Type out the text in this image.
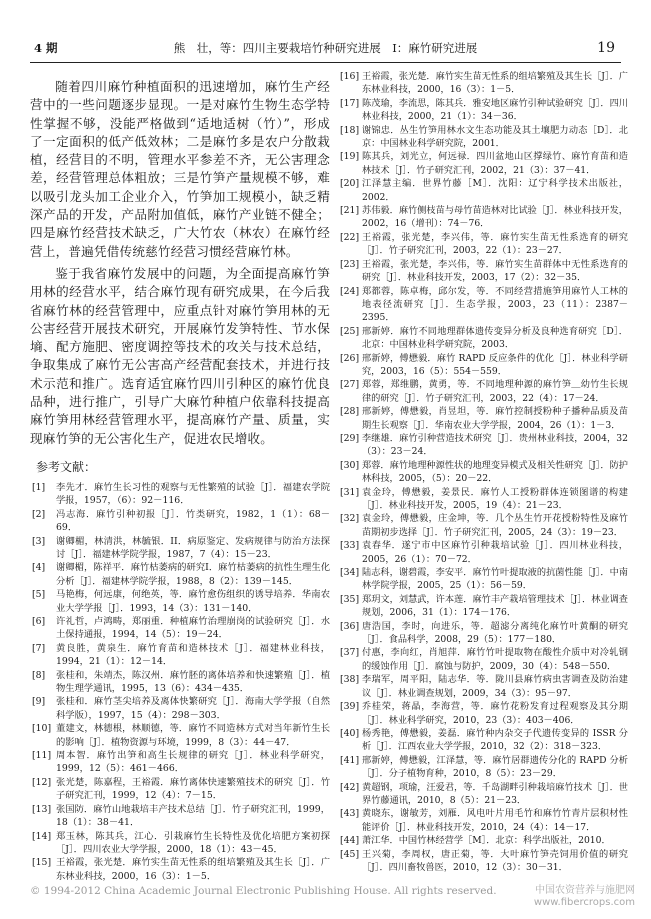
4 期	熊　壮，等：四川主要栽培竹种研究进展　Ⅰ：麻竹研究进展	19

随着四川麻竹种植面积的迅速增加，麻竹生产经营中的一些问题逐步显现。一是对麻竹生物生态学特性掌握不够，没能严格做到“适地适树（竹）”，形成了一定面积的低产低效林；二是麻竹多是农户分散栽植，经营目的不明，管理水平参差不齐，无公害理念差，经营管理总体粗放；三是竹笋产量规模不够，难以吸引龙头加工企业介入，竹笋加工规模小，缺乏精深产品的开发，产品附加值低，麻竹产业链不健全；四是麻竹经营技术缺乏，广大竹农（林农）在麻竹经营上，普遍凭借传统慈竹经营习惯经营麻竹林。

鉴于我省麻竹发展中的问题，为全面提高麻竹笋用林的经营水平，结合麻竹现有研究成果，在今后我省麻竹林的经营管理中，应重点针对麻竹笋用林的无公害经营开展技术研究，开展麻竹发笋特性、节水保墒、配方施肥、密度调控等技术的攻关与技术总结，争取集成了麻竹无公害高产经营配套技术，并进行技术示范和推广。选育适宜麻竹四川引种区的麻竹优良品种，进行推广，引导广大麻竹种植户依靠科技提高麻竹笋用林经营管理水平，提高麻竹产量、质量，实现麻竹笋的无公害化生产，促进农民增收。

参考文献：
[1]	李先才．麻竹生长习性的观察与无性繁殖的试验［J］．福建农学院学报，1957，（6）：92－116．
[2]	冯志海．麻竹引种初报［J］．竹类研究，1982，1（1）：68－69．
[3]	谢卿楣，林清洪，林毓银．II．病原鉴定、发病规律与防治方法探讨［J］．福建林学院学报，1987，7（4）：15－23．
[4]	谢卿楣，陈祥平．麻竹枯萎病的研究Ⅰ．麻竹枯萎病的抗性生理生化分析［J］．福建林学院学报，1988，8（2）：139－145．
[5]	马艳梅，何远康，何绝英，等．麻竹愈伤组织的诱导培养．华南农业大学学报［J］．1993，14（3）：131－140．
[6]	许礼哲，卢鸿畴，郑丽重．种植麻竹治理崩岗的试验研究［J］．水土保持通报，1994，14（5）：19－24．
[7]	黄良胜，黄泉生．麻竹育苗和造林技术［J］．福建林业科技，1994，21（1）：12－14．
[8]	张桂和，朱靖杰，陈汉州．麻竹胚的离体培养和快速繁殖［J］．植物生理学通讯，1995，13（6）：434－435．
[9]	张桂和．麻竹茎尖培养及离体快繁研究［J］．海南大学学报（自然科学版），1997，15（4）：298－303．
[10] 董建文，林德根，林顺德，等．麻竹不同造林方式对当年新竹生长的影响［J］．植物资源与环境，1999，8（3）：44－47．
[11] 周本智．麻竹出笋和高生长规律的研究［J］．林业科学研究，1999，12（5）：461－466．
[12] 张光楚，陈嘉程，王裕霞．麻竹离体快速繁殖技术的研究［J］．竹子研究汇刊，1999，12（4）：7－15．
[13] 张国防．麻竹山地栽培丰产技术总结［J］．竹子研究汇刊，1999，18（1）：38－41．
[14] 郑玉林，陈其兵，江心．引栽麻竹生长特性及优化培肥方案初探［J］．四川农业大学学报，2000，18（1）：43－45．
[15] 王裕霞，张光楚．麻竹实生苗无性系的组培繁殖及其生长［J］．广东林业科技，2000，16（3）：1－5．
[16] 王裕霞，张光楚．麻竹实生苗无性系的组培繁殖及其生长［J］．广东林业科技，2000，16（3）：1－5．
[17] 陈茂瑜，李流思，陈其兵．雅安地区麻竹引种试验研究［J］．四川林业科技，2000，21（1）：34－36．
[18] 谢锦忠．丛生竹笋用林水文生态功能及其土壤肥力动态［D］．北京：中国林业科学研究院，2001．
[19] 陈其兵，刘光立，何远禄．四川盆地山区撑绿竹、麻竹育苗和造林技术［J］．竹子研究汇刊，2002，21（3）：37－41．
[20] 江泽慧主编．世界竹藤［M］．沈阳：辽宁科学技术出版社，2002．
[21] 苏伟毅．麻竹侧枝苗与母竹苗造林对比试验［J］．林业科技开发，2002，16（增刊）：74－76．
[22] 王裕霞，张光楚，李兴伟，等．麻竹实生苗无性系选育的研究［J］．竹子研究汇刊，2003，22（1）：23－27．
[23] 王裕霞，张光楚，李兴伟，等．麻竹实生苗群体中无性系选育的研究［J］．林业科技开发，2003，17（2）：32－35．
[24] 郑都蓉，陈卓梅，邱尔发，等．不同经营措施笋用麻竹人工林的地表径流研究［J］．生态学报，2003，23（11）：2387－2395．
[25] 邢新婷．麻竹不同地理群体遗传变异分析及良种选育研究［D］．北京：中国林业科学研究院，2003．
[26] 邢新婷，傅懋毅．麻竹 RAPD 反应条件的优化［J］．林业科学研究，2003，16（5）：554－559．
[27] 郑蓉，郑维鹏，黄勇，等．不同地理种源的麻竹笋＿幼竹生长规律的研究［J］．竹子研究汇刊，2003，22（4）：17－24．
[28] 邢新婷，傅懋毅，肖昱坦，等．麻竹控制授粉种子播种品质及苗期生长观察［J］．华南农业大学学报，2004，26（1）：1－3．
[29] 李继雄．麻竹引种营造技术研究［J］．贵州林业科技，2004，32（3）：23－24．
[30] 郑蓉．麻竹地理种源性状的地理变异模式及相关性研究［J］．防护林科技，2005，（5）：20－22．
[31] 袁金玲，傅懋毅，姜景民．麻竹人工授粉群体连锁图谱的构建［J］．林业科技开发，2005，19（4）：21－23．
[32] 袁金玲，傅懋毅，庄金坤，等．几个丛生竹开花授粉特性及麻竹苗期初步选择［J］．竹子研究汇刊，2005，24（3）：19－23．
[33] 袁春华．遂宁市中区麻竹引种栽培试验［J］．四川林业科技，2005，26（1）：70－72．
[34] 陆志科，谢碧霞，李安平．麻竹竹叶提取液的抗菌性能［J］．中南林学院学报，2005，25（1）：56－59．
[35] 郑玥文，刘慧武，许本莲．麻竹丰产栽培管理技术［J］．林业调查规划，2006，31（1）：174－176．
[36] 唐浩国，李时，向进乐，等．超滤分离纯化麻竹叶黄酮的研究［J］．食品科学，2008，29（5）：177－180．
[37] 付惠，李向红，肖旭萍．麻竹竹叶提取物在酸性介质中对冷轧钢的缓蚀作用［J］．腐蚀与防护，2009，30（4）：548－550．
[38] 李瑞军，周平阳，陆志华．等．陇川县麻竹病虫害调查及防治建议［J］．林业调查规划，2009，34（3）：95－97．
[39] 乔桂荣，蒋晶，李海营，等．麻竹花粉发育过程观察及其分期［J］．林业科学研究，2010，23（3）：403－406．
[40] 杨秀艳，傅懋毅，姜磊．麻竹种内杂交子代遗传变异的 ISSR 分析［J］．江西农业大学学报，2010，32（2）：318－323．
[41] 邢新婷，傅懋毅，江泽慧，等．麻竹居群遗传分化的 RAPD 分析［J］．分子植物育种，2010，8（5）：23－29．
[42] 黄超钢，项瑜，汪爱君，等．千岛湖畔引种栽培麻竹技术［J］．世界竹藤通讯，2010，8（5）：21－23．
[43] 黄晓东，谢敏芳，刘雁．风电叶片用毛竹和麻竹竹青片层积材性能评价［J］．林业科技开发，2010，24（4）：14－17．
[44] 萧江华．中国竹林经营学［M］．北京：科学出版社，2010．
[45] 王兴菊，李周权，唐正菊，等．大叶麻竹笋壳饲用价值的研究［J］．四川畜牧兽医，2010，12（3）：30－31．
© 1994-2012 China Academic Journal Electronic Publishing House. All rights reserved.	中国农资营养与施肥网
www.fibercrops.com
